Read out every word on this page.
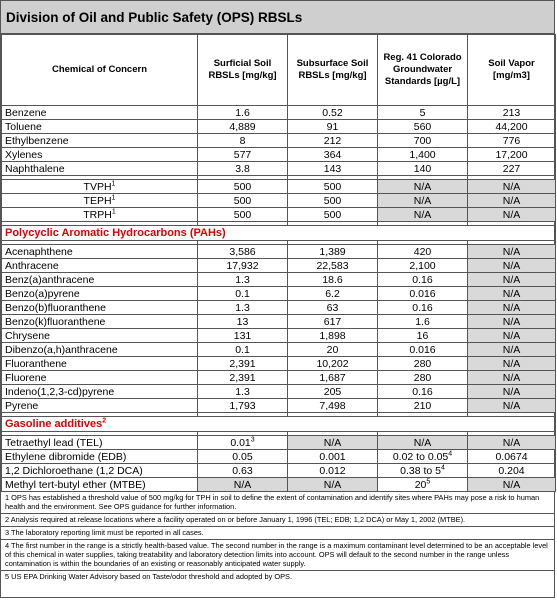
Division of Oil and Public Safety (OPS) RBSLs
Chemical of Concern	Surficial Soil RBSLs [mg/kg]	Subsurface Soil RBSLs [mg/kg]	Reg. 41 Colorado Groundwater Standards [µg/L]	Soil Vapor [mg/m3]
Benzene	1.6	0.52	5	213
Toluene	4,889	91	560	44,200
Ethylbenzene	8	212	700	776
Xylenes	577	364	1,400	17,200
Naphthalene	3.8	143	140	227

TVPH$^1$	500	500	N/A	N/A
TEPH$^1$	500	500	N/A	N/A
TRPH$^1$	500	500	N/A	N/A

Polycyclic Aromatic Hydrocarbons (PAHs)				

Acenaphthene	3,586	1,389	420	N/A
Anthracene	17,932	22,583	2,100	N/A
Benz(a)anthracene	1.3	18.6	0.16	N/A
Benzo(a)pyrene	0.1	6.2	0.016	N/A
Benzo(b)fluoranthene	1.3	63	0.16	N/A
Benzo(k)fluoranthene	13	617	1.6	N/A
Chrysene	131	1,898	16	N/A
Dibenzo(a,h)anthracene	0.1	20	0.016	N/A
Fluoranthene	2,391	10,202	280	N/A
Fluorene	2,391	1,687	280	N/A
Indeno(1,2,3-cd)pyrene	1.3	205	0.16	N/A
Pyrene	1,793	7,498	210	N/A

Gasoline additives$^2$

Tetraethyl lead (TEL)	0.01$^3$	N/A	N/A	N/A
Ethylene dibromide (EDB)	0.05	0.001	0.02 to 0.05$^4$	0.0674
1,2 Dichloroethane (1,2 DCA)	0.63	0.012	0.38 to $5^4$	0.204
Methyl tert-butyl ether (MTBE)	N/A	N/A	$20^5$	N/A
1 OPS has established a threshold value of 500 mg/kg for TPH in soil to define the extent of contamination and identify sites where PAHs may pose a risk to human health and the environment. See OPS guidance for further information.
2 Analysis required at release locations where a facility operated on or before January 1, 1996 (TEL; EDB; 1,2 DCA) or May 1, 2002 (MTBE).
3 The laboratory reporting limit must be reported in all cases.
4 The first number in the range is a strictly health-based value. The second number in the range is a maximum contaminant level determined to be an acceptable level of this chemical in water supplies, taking treatability and laboratory detection limits into account. OPS will default to the second number in the range unless contamination is within the boundaries of an existing or reasonably anticipated water supply.
5 US EPA Drinking Water Advisory based on Taste/odor threshold and adopted by OPS.
